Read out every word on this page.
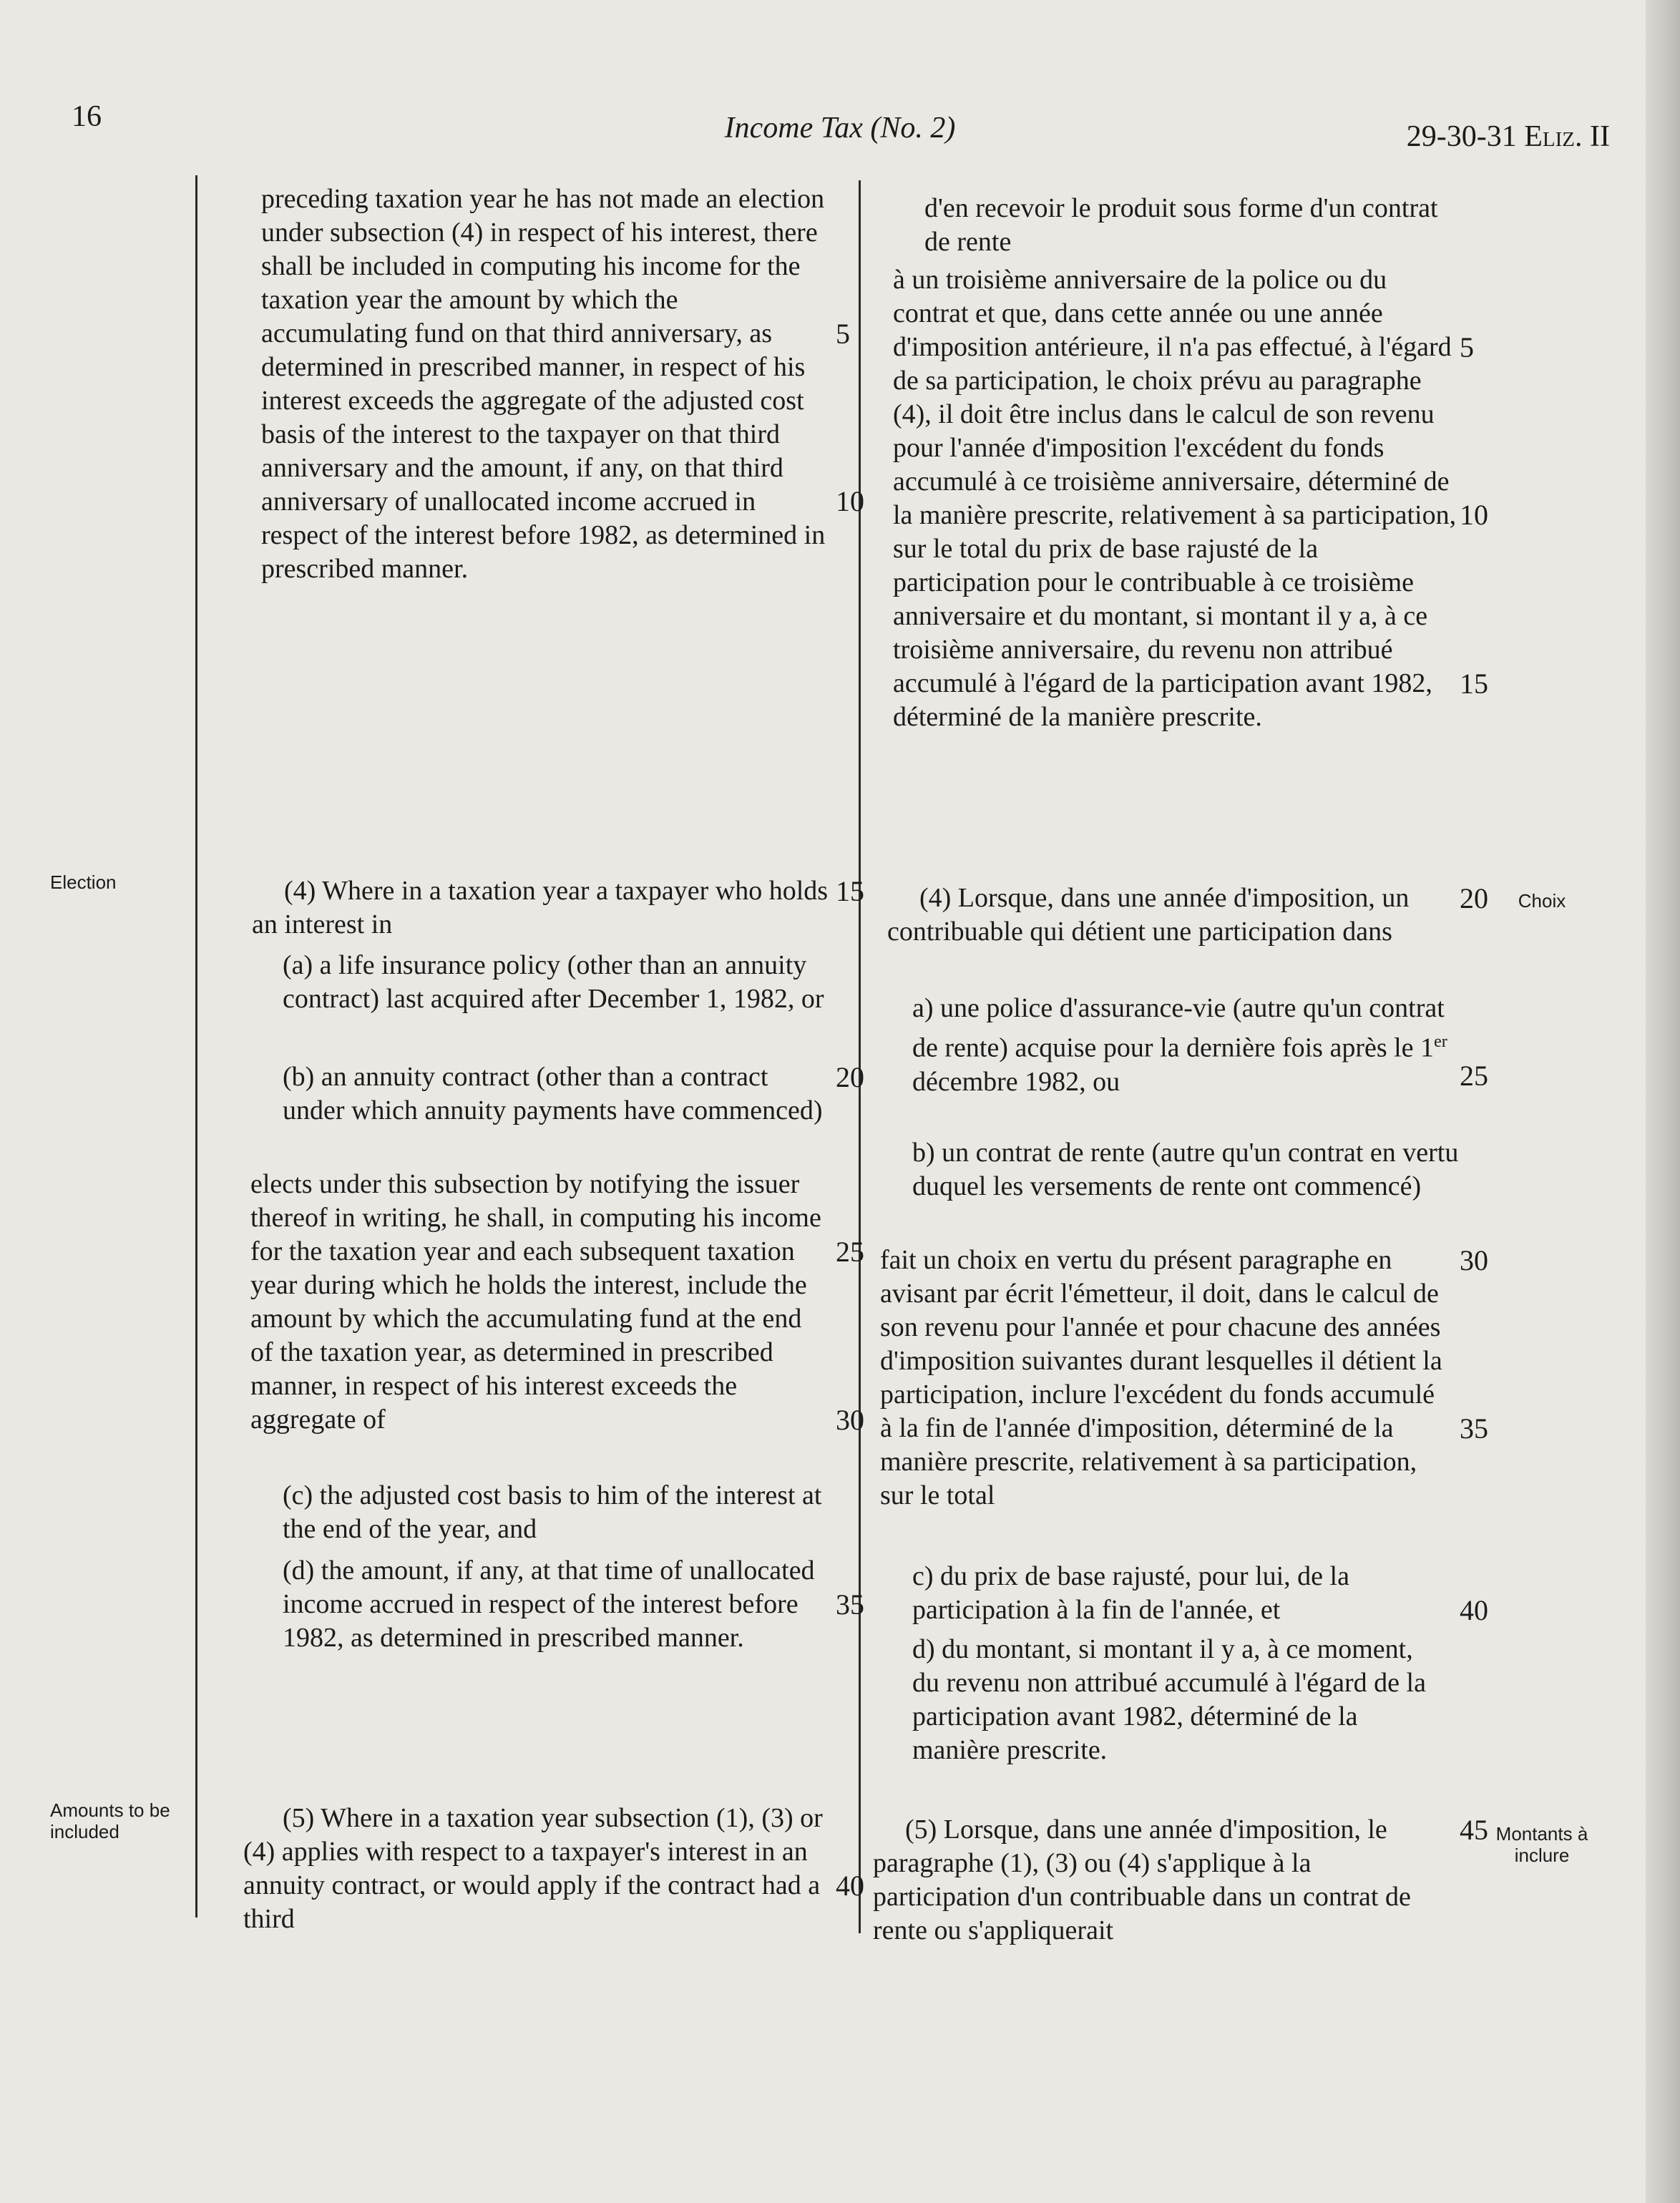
16	Income Tax (No. 2)	29-30-31 Eliz. II
Election
Choix
Amounts to be included	Montants à inclure

preceding taxation year he has not made an election under subsection (4) in respect of his interest, there shall be included in computing his income for the taxation year the amount by which the accumulating fund on that third anniversary, as determined in prescribed manner, in respect of his interest exceeds the aggregate of the adjusted cost basis of the interest to the taxpayer on that third anniversary and the amount, if any, on that third anniversary of unallocated income accrued in respect of the interest before 1982, as determined in prescribed manner.

(4) Where in a taxation year a taxpayer who holds an interest in

(a) a life insurance policy (other than an annuity contract) last acquired after December 1, 1982, or

(b) an annuity contract (other than a contract under which annuity payments have commenced)

elects under this subsection by notifying the issuer thereof in writing, he shall, in computing his income for the taxation year and each subsequent taxation year during which he holds the interest, include the amount by which the accumulating fund at the end of the taxation year, as determined in prescribed manner, in respect of his interest exceeds the aggregate of

(c) the adjusted cost basis to him of the interest at the end of the year, and

(d) the amount, if any, at that time of unallocated income accrued in respect of the interest before 1982, as determined in prescribed manner.

(5) Where in a taxation year subsection (1), (3) or (4) applies with respect to a taxpayer's interest in an annuity contract, or would apply if the contract had a third

d'en recevoir le produit sous forme d'un contrat de rente

à un troisième anniversaire de la police ou du contrat et que, dans cette année ou une année d'imposition antérieure, il n'a pas effectué, à l'égard de sa participation, le choix prévu au paragraphe (4), il doit être inclus dans le calcul de son revenu pour l'année d'imposition l'excédent du fonds accumulé à ce troisième anniversaire, déterminé de la manière prescrite, relativement à sa participation, sur le total du prix de base rajusté de la participation pour le contribuable à ce troisième anniversaire et du montant, si montant il y a, à ce troisième anniversaire, du revenu non attribué accumulé à l'égard de la participation avant 1982, déterminé de la manière prescrite.

(4) Lorsque, dans une année d'imposition, un contribuable qui détient une participation dans

a) une police d'assurance-vie (autre qu'un contrat de rente) acquise pour la dernière fois après le 1er décembre 1982, ou

b) un contrat de rente (autre qu'un contrat en vertu duquel les versements de rente ont commencé)

fait un choix en vertu du présent paragraphe en avisant par écrit l'émetteur, il doit, dans le calcul de son revenu pour l'année et pour chacune des années d'imposition suivantes durant lesquelles il détient la participation, inclure l'excédent du fonds accumulé à la fin de l'année d'imposition, déterminé de la manière prescrite, relativement à sa participation, sur le total

c) du prix de base rajusté, pour lui, de la participation à la fin de l'année, et

d) du montant, si montant il y a, à ce moment, du revenu non attribué accumulé à l'égard de la participation avant 1982, déterminé de la manière prescrite.

(5) Lorsque, dans une année d'imposition, le paragraphe (1), (3) ou (4) s'applique à la participation d'un contribuable dans un contrat de rente ou s'appliquerait

5
10
15
20
25
30
35
40
5
10
15
20
25
30
35
40
45
